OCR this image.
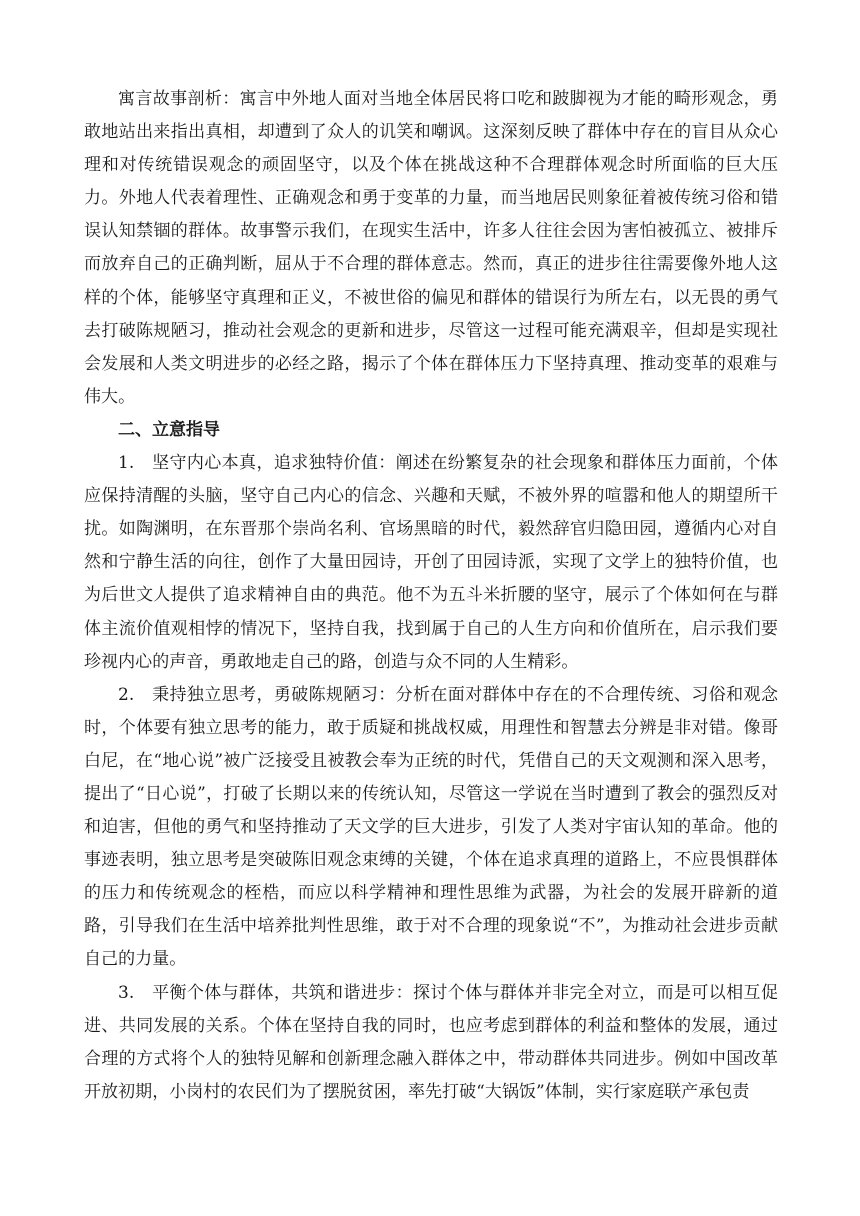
寓言故事剖析：寓言中外地人面对当地全体居民将口吃和跛脚视为才能的畸形观念，勇敢地站出来指出真相，却遭到了众人的讥笑和嘲讽。这深刻反映了群体中存在的盲目从众心理和对传统错误观念的顽固坚守，以及个体在挑战这种不合理群体观念时所面临的巨大压力。外地人代表着理性、正确观念和勇于变革的力量，而当地居民则象征着被传统习俗和错误认知禁锢的群体。故事警示我们，在现实生活中，许多人往往会因为害怕被孤立、被排斥而放弃自己的正确判断，屈从于不合理的群体意志。然而，真正的进步往往需要像外地人这样的个体，能够坚守真理和正义，不被世俗的偏见和群体的错误行为所左右，以无畏的勇气去打破陈规陋习，推动社会观念的更新和进步，尽管这一过程可能充满艰辛，但却是实现社会发展和人类文明进步的必经之路，揭示了个体在群体压力下坚持真理、推动变革的艰难与伟大。

二、立意指导

1.　坚守内心本真，追求独特价值：阐述在纷繁复杂的社会现象和群体压力面前，个体应保持清醒的头脑，坚守自己内心的信念、兴趣和天赋，不被外界的喧嚣和他人的期望所干扰。如陶渊明，在东晋那个崇尚名利、官场黑暗的时代，毅然辞官归隐田园，遵循内心对自然和宁静生活的向往，创作了大量田园诗，开创了田园诗派，实现了文学上的独特价值，也为后世文人提供了追求精神自由的典范。他不为五斗米折腰的坚守，展示了个体如何在与群体主流价值观相悖的情况下，坚持自我，找到属于自己的人生方向和价值所在，启示我们要珍视内心的声音，勇敢地走自己的路，创造与众不同的人生精彩。

2.　秉持独立思考，勇破陈规陋习：分析在面对群体中存在的不合理传统、习俗和观念时，个体要有独立思考的能力，敢于质疑和挑战权威，用理性和智慧去分辨是非对错。像哥白尼，在“地心说”被广泛接受且被教会奉为正统的时代，凭借自己的天文观测和深入思考，提出了“日心说”，打破了长期以来的传统认知，尽管这一学说在当时遭到了教会的强烈反对和迫害，但他的勇气和坚持推动了天文学的巨大进步，引发了人类对宇宙认知的革命。他的事迹表明，独立思考是突破陈旧观念束缚的关键，个体在追求真理的道路上，不应畏惧群体的压力和传统观念的桎梏，而应以科学精神和理性思维为武器，为社会的发展开辟新的道路，引导我们在生活中培养批判性思维，敢于对不合理的现象说“不”，为推动社会进步贡献自己的力量。

3.　平衡个体与群体，共筑和谐进步：探讨个体与群体并非完全对立，而是可以相互促进、共同发展的关系。个体在坚持自我的同时，也应考虑到群体的利益和整体的发展，通过合理的方式将个人的独特见解和创新理念融入群体之中，带动群体共同进步。例如中国改革开放初期，小岗村的农民们为了摆脱贫困，率先打破“大锅饭”体制，实行家庭联产承包责
